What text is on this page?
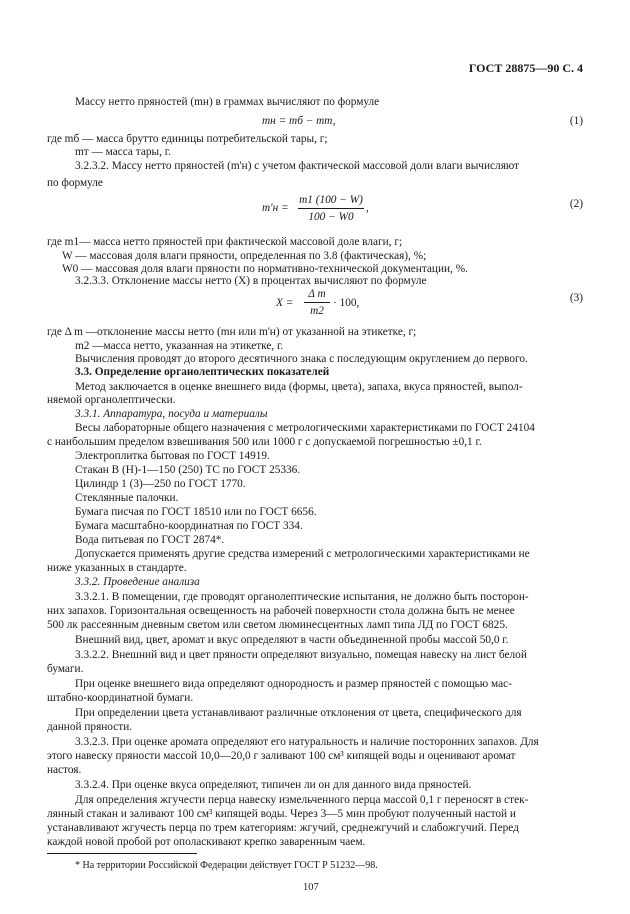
ГОСТ 28875—90 С. 4
Массу нетто пряностей (mн) в граммах вычисляют по формуле
mн = mб − mт,	(1)
где mб — масса брутто единицы потребительской тары, г;
mт — масса тары, г.
3.2.3.2. Массу нетто пряностей (m'н) с учетом фактической массовой доли влаги вычисляют
по формуле
m'н =
m1 (100 − W)
100 − W0
,	(2)
где m1— масса нетто пряностей при фактической массовой доле влаги, г;
W — массовая доля влаги пряности, определенная по 3.8 (фактическая), %;
W0 — массовая доля влаги пряности по нормативно-технической документации, %.
3.2.3.3. Отклонение массы нетто (X) в процентах вычисляют по формуле
X =
Δ m
m2
· 100,	(3)
где Δ m —отклонение массы нетто (mн или m'н) от указанной на этикетке, г;
m2 —масса нетто, указанная на этикетке, г.
Вычисления проводят до второго десятичного знака с последующим округлением до первого.
3.3. Определение органолептических показателей
Метод заключается в оценке внешнего вида (формы, цвета), запаха, вкуса пряностей, выпол-
няемой органолептически.
3.3.1. Аппаратура, посуда и материалы
Весы лабораторные общего назначения с метрологическими характеристиками по ГОСТ 24104
с наибольшим пределом взвешивания 500 или 1000 г с допускаемой погрешностью ±0,1 г.
Электроплитка бытовая по ГОСТ 14919.
Стакан В (Н)-1—150 (250) ТС по ГОСТ 25336.
Цилиндр 1 (3)—250 по ГОСТ 1770.
Стеклянные палочки.
Бумага писчая по ГОСТ 18510 или по ГОСТ 6656.
Бумага масштабно-координатная по ГОСТ 334.
Вода питьевая по ГОСТ 2874*.
Допускается применять другие средства измерений с метрологическими характеристиками не
ниже указанных в стандарте.
3.3.2. Проведение анализа
3.3.2.1. В помещении, где проводят органолептические испытания, не должно быть посторон-
них запахов. Горизонтальная освещенность на рабочей поверхности стола должна быть не менее
500 лк рассеянным дневным светом или светом люминесцентных ламп типа ЛД по ГОСТ 6825.
Внешний вид, цвет, аромат и вкус определяют в части объединенной пробы массой 50,0 г.
3.3.2.2. Внешний вид и цвет пряности определяют визуально, помещая навеску на лист белой
бумаги.
При оценке внешнего вида определяют однородность и размер пряностей с помощью мас-
штабно-координатной бумаги.
При определении цвета устанавливают различные отклонения от цвета, специфического для
данной пряности.
3.3.2.3. При оценке аромата определяют его натуральность и наличие посторонних запахов. Для
этого навеску пряности массой 10,0—20,0 г заливают 100 см³ кипящей воды и оценивают аромат
настоя.
3.3.2.4. При оценке вкуса определяют, типичен ли он для данного вида пряностей.
Для определения жгучести перца навеску измельченного перца массой 0,1 г переносят в стек-
лянный стакан и заливают 100 см³ кипящей воды. Через 3—5 мин пробуют полученный настой и
устанавливают жгучесть перца по трем категориям: жгучий, среднежгучий и слабожгучий. Перед
каждой новой пробой рот ополаскивают крепко заваренным чаем.
* На территории Российской Федерации действует ГОСТ Р 51232—98.
107
